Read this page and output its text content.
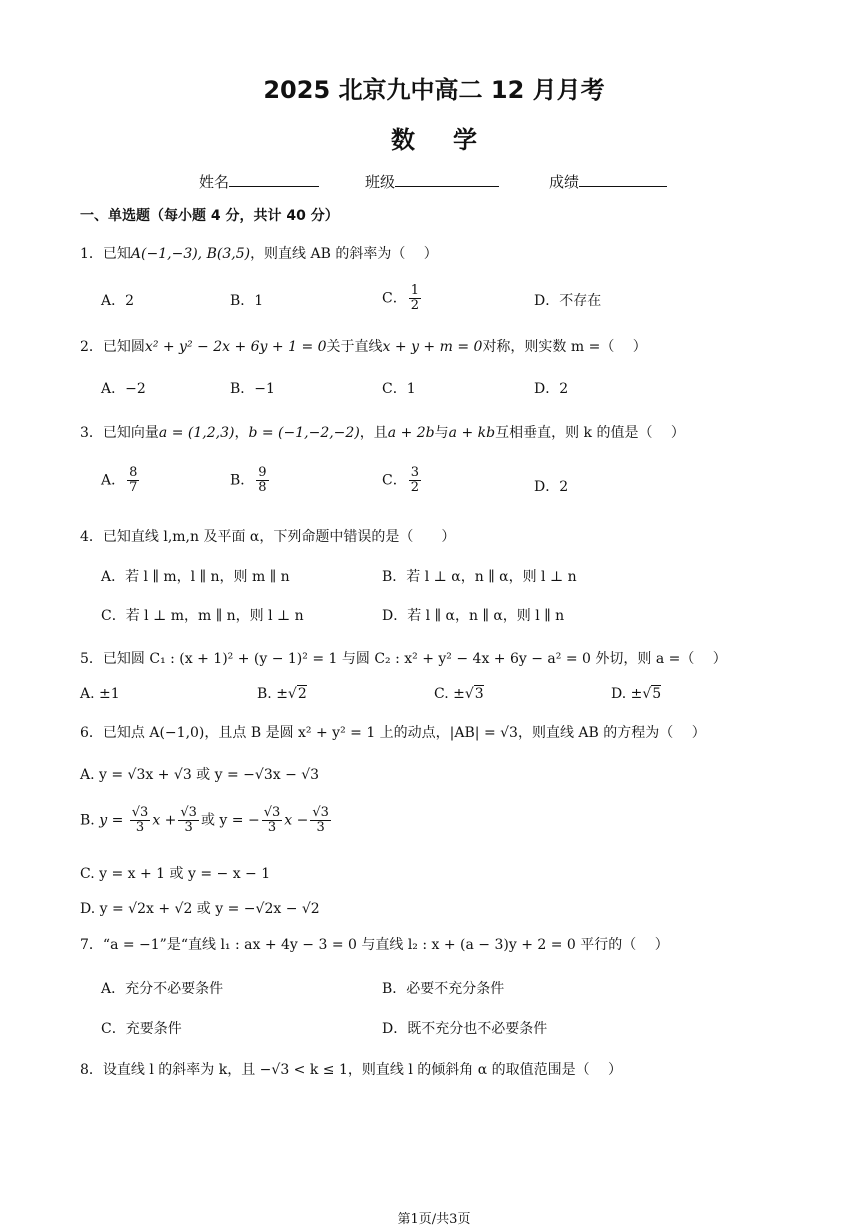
2025 北京九中高二 12 月月考
数学
姓名	班级	成绩
一、单选题（每小题 4 分，共计 40 分）
1．已知A(−1,−3), B(3,5)，则直线 AB 的斜率为（　 ）
A．2	B．1	C． $\frac{1}{2}$	D．不存在
2．已知圆x² + y² − 2x + 6y + 1 = 0关于直线x + y + m = 0对称，则实数 m =（　 ）
A．−2	B．−1	C．1	D．2
3．已知向量a = (1,2,3)，b = (−1,−2,−2)，且a + 2b与a + kb互相垂直，则 k 的值是（　 ）
A． $\frac{8}{7}$	B． $\frac{9}{8}$	C． $\frac{3}{2}$	D．2
4．已知直线 l,m,n 及平面 α，下列命题中错误的是（　　）
A．若 l ∥ m，l ∥ n，则 m ∥ n	B．若 l ⊥ α，n ∥ α，则 l ⊥ n
C．若 l ⊥ m，m ∥ n，则 l ⊥ n	D．若 l ∥ α，n ∥ α，则 l ∥ n
5．已知圆 C₁ : (x + 1)² + (y − 1)² = 1 与圆 C₂ : x² + y² − 4x + 6y − a² = 0 外切，则 a =（　 ）
A. ±1	B. ±√2	C. ±√3	D. ±√5
6．已知点 A(−1,0)，且点 B 是圆 x² + y² = 1 上的动点，|AB| = √3，则直线 AB 的方程为（　 ）
A. y = √3x + √3 或 y = −√3x − √3
B. $y = \frac{√3}{3}$ $x + \frac{√3}{3}$ 或 y = − $\frac{√3}{3}$ $x - \frac{√3}{3}$
C. y = x + 1 或 y = − x − 1
D. y = √2x + √2 或 y = −√2x − √2
7．“a = −1”是“直线 l₁ : ax + 4y − 3 = 0 与直线 l₂ : x + (a − 3)y + 2 = 0 平行的（　 ）
A．充分不必要条件	B．必要不充分条件
C．充要条件	D．既不充分也不必要条件
8．设直线 l 的斜率为 k，且 −√3 < k ≤ 1，则直线 l 的倾斜角 α 的取值范围是（　 ）
第1页/共3页
